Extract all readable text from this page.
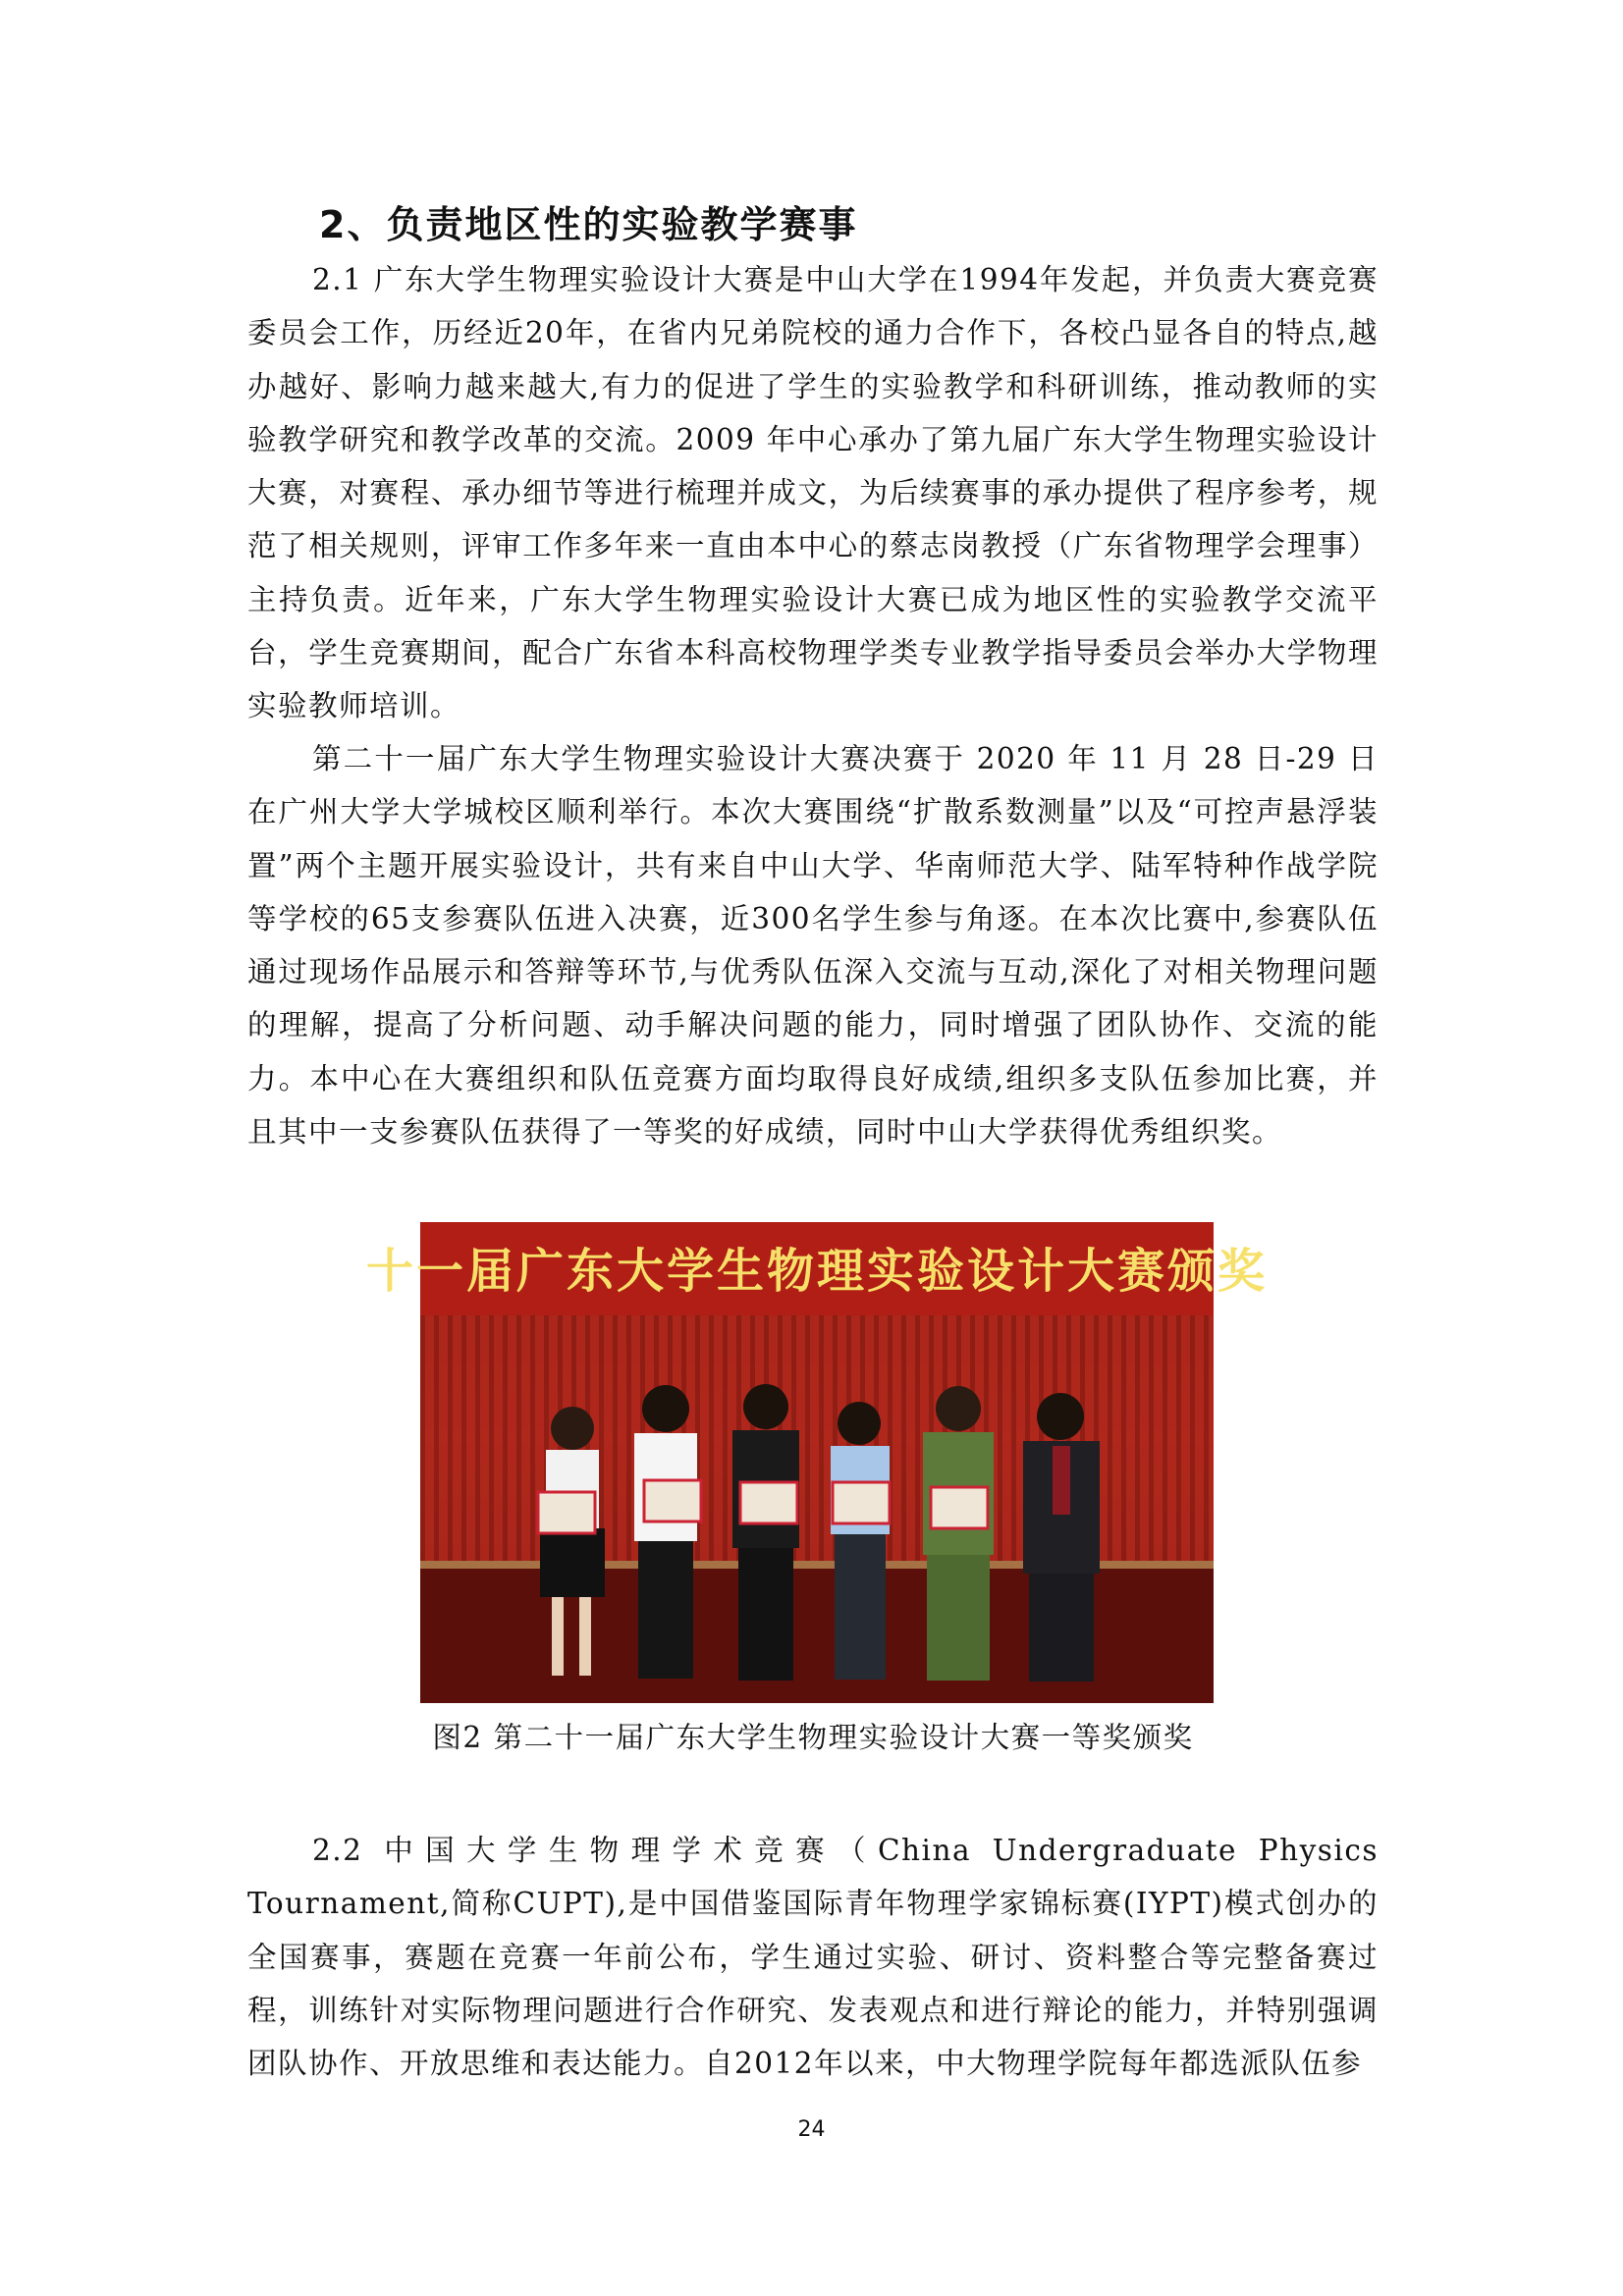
2、负责地区性的实验教学赛事

2.1 广东大学生物理实验设计大赛是中山大学在1994年发起，并负责大赛竞赛委员会工作，历经近20年，在省内兄弟院校的通力合作下，各校凸显各自的特点,越办越好、影响力越来越大,有力的促进了学生的实验教学和科研训练，推动教师的实验教学研究和教学改革的交流。2009 年中心承办了第九届广东大学生物理实验设计大赛，对赛程、承办细节等进行梳理并成文，为后续赛事的承办提供了程序参考，规范了相关规则，评审工作多年来一直由本中心的蔡志岗教授（广东省物理学会理事）主持负责。近年来，广东大学生物理实验设计大赛已成为地区性的实验教学交流平台，学生竞赛期间，配合广东省本科高校物理学类专业教学指导委员会举办大学物理实验教师培训。

第二十一届广东大学生物理实验设计大赛决赛于 2020 年 11 月 28 日-29 日在广州大学大学城校区顺利举行。本次大赛围绕“扩散系数测量”以及“可控声悬浮装置”两个主题开展实验设计，共有来自中山大学、华南师范大学、陆军特种作战学院等学校的65支参赛队伍进入决赛，近300名学生参与角逐。在本次比赛中,参赛队伍通过现场作品展示和答辩等环节,与优秀队伍深入交流与互动,深化了对相关物理问题的理解，提高了分析问题、动手解决问题的能力，同时增强了团队协作、交流的能力。本中心在大赛组织和队伍竞赛方面均取得良好成绩,组织多支队伍参加比赛，并且其中一支参赛队伍获得了一等奖的好成绩，同时中山大学获得优秀组织奖。

十一届广东大学生物理实验设计大赛颁奖
图2 第二十一届广东大学生物理实验设计大赛一等奖颁奖

2.2 中国大学生物理学术竞赛（China Undergraduate Physics Tournament,简称CUPT),是中国借鉴国际青年物理学家锦标赛(IYPT)模式创办的全国赛事，赛题在竞赛一年前公布，学生通过实验、研讨、资料整合等完整备赛过程，训练针对实际物理问题进行合作研究、发表观点和进行辩论的能力，并特别强调团队协作、开放思维和表达能力。自2012年以来，中大物理学院每年都选派队伍参

24
